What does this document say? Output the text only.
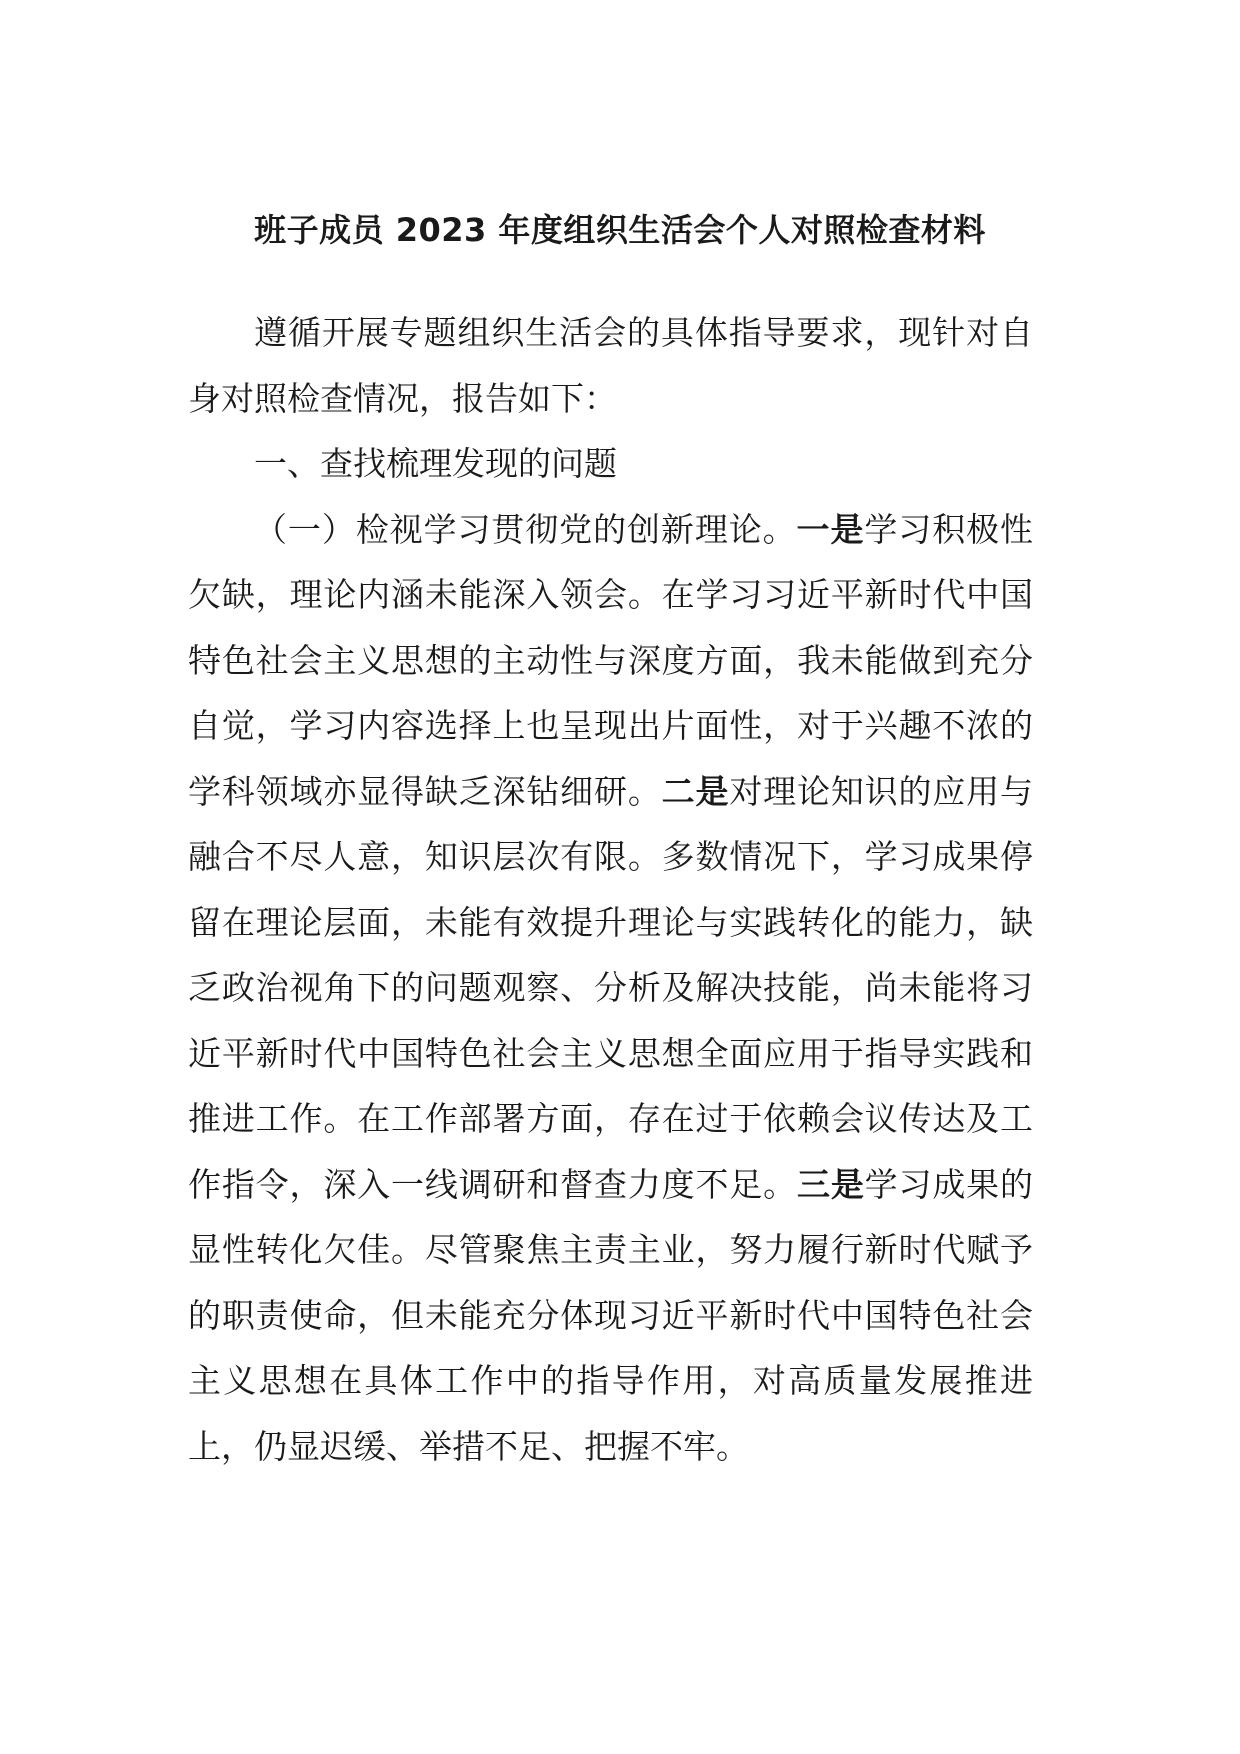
班子成员 2023 年度组织生活会个人对照检查材料

遵循开展专题组织生活会的具体指导要求，现针对自身对照检查情况，报告如下：

一、查找梳理发现的问题

（一）检视学习贯彻党的创新理论。一是学习积极性欠缺，理论内涵未能深入领会。在学习习近平新时代中国特色社会主义思想的主动性与深度方面，我未能做到充分自觉，学习内容选择上也呈现出片面性，对于兴趣不浓的学科领域亦显得缺乏深钻细研。二是对理论知识的应用与融合不尽人意，知识层次有限。多数情况下，学习成果停留在理论层面，未能有效提升理论与实践转化的能力，缺乏政治视角下的问题观察、分析及解决技能，尚未能将习近平新时代中国特色社会主义思想全面应用于指导实践和推进工作。在工作部署方面，存在过于依赖会议传达及工作指令，深入一线调研和督查力度不足。三是学习成果的显性转化欠佳。尽管聚焦主责主业，努力履行新时代赋予的职责使命，但未能充分体现习近平新时代中国特色社会主义思想在具体工作中的指导作用，对高质量发展推进上，仍显迟缓、举措不足、把握不牢。
